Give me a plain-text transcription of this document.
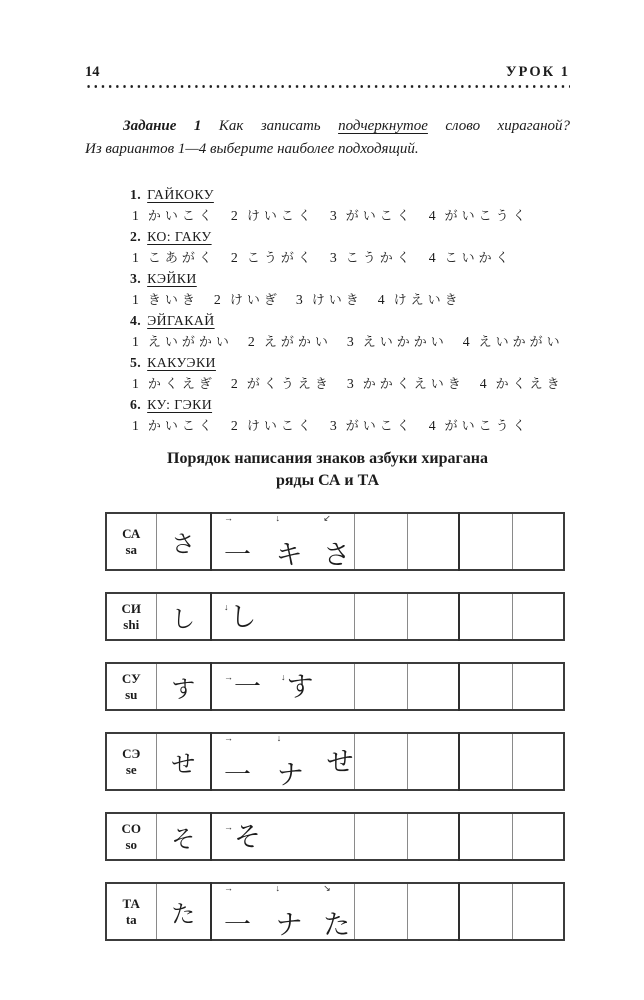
14	УРОК 1
Задание 1 Как записать подчеркнутое слово хираганой?
Из вариантов 1—4 выберите наиболее подходящий.
1. ГАЙКОКУ
1 かいこく 2 けいこく 3 がいこく 4 がいこうく
2. КО: ГАКУ
1 こあがく 2 こうがく 3 こうかく 4 こいかく
3. КЭЙКИ
1 きいき 2 けいぎ 3 けいき 4 けえいき
4. ЭЙГАКАЙ
1 えいがかい 2 えがかい 3 えいかかい 4 えいかがい
5. КАКУЭКИ
1 かくえぎ 2 がくうえき 3 かかくえいき 4 かくえき
6. КУ: ГЭКИ
1 かいこく 2 けいこく 3 がいこく 4 がいこうく
Порядок написания знаков азбуки хирагана
ряды СА и ТА
СА
sa	さ	
→一
↓キ
↙さ

СИ
shi	し	
↓し

СУ
su	す	
→一 ↓す

СЭ
se	せ	
→一
↓ナ せ

СО
so	そ	
→そ

ТА
ta	た	
→一
↓ナ
↘た
